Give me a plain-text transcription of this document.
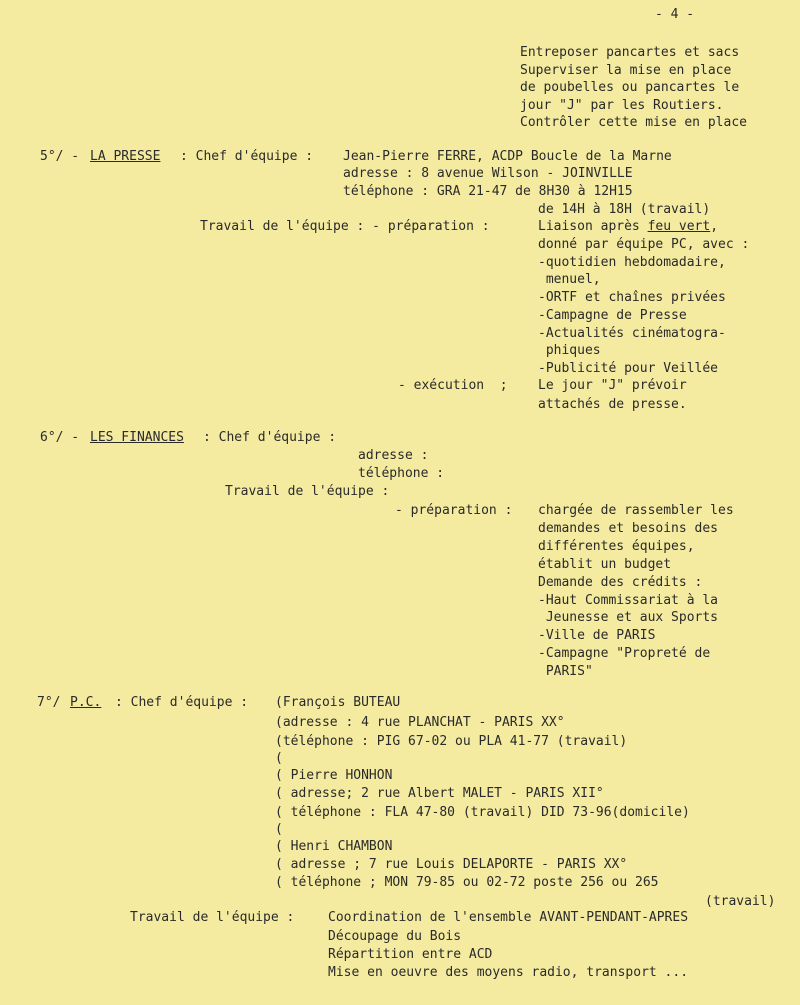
- 4 -
Entreposer pancartes et sacs
Superviser la mise en place
de poubelles ou pancartes le
jour "J" par les Routiers.
Contrôler cette mise en place
5°/ - LA PRESSE : Chef d'équipe : Jean-Pierre FERRE, ACDP Boucle de la Marne
adresse : 8 avenue Wilson - JOINVILLE
téléphone : GRA 21-47 de 8H30 à 12H15
de 14H à 18H (travail)
Travail de l'équipe : - préparation :	Liaison après feu vert,
donné par équipe PC, avec :
-quotidien hebdomadaire,
menuel,
-ORTF et chaînes privées
-Campagne de Presse
-Actualités cinématogra-
phiques
-Publicité pour Veillée
- exécution  ; Le jour "J" prévoir
attachés de presse.
6°/ - LES FINANCES : Chef d'équipe :
adresse :
téléphone :
Travail de l'équipe :
- préparation : chargée de rassembler les
demandes et besoins des
différentes équipes,
établit un budget
Demande des crédits :
-Haut Commissariat à la
Jeunesse et aux Sports
-Ville de PARIS
-Campagne "Propreté de
PARIS"
7°/ P.C. : Chef d'équipe : (François BUTEAU
(adresse : 4 rue PLANCHAT - PARIS XX°
(téléphone : PIG 67-02 ou PLA 41-77 (travail)
(
( Pierre HONHON
( adresse; 2 rue Albert MALET - PARIS XII°
( téléphone : FLA 47-80 (travail) DID 73-96(domicile)
(
( Henri CHAMBON
( adresse ; 7 rue Louis DELAPORTE - PARIS XX°
( téléphone ; MON 79-85 ou 02-72 poste 256 ou 265
(travail)
Travail de l'équipe :	Coordination de l'ensemble AVANT-PENDANT-APRES
Découpage du Bois
Répartition entre ACD
Mise en oeuvre des moyens radio, transport ...
